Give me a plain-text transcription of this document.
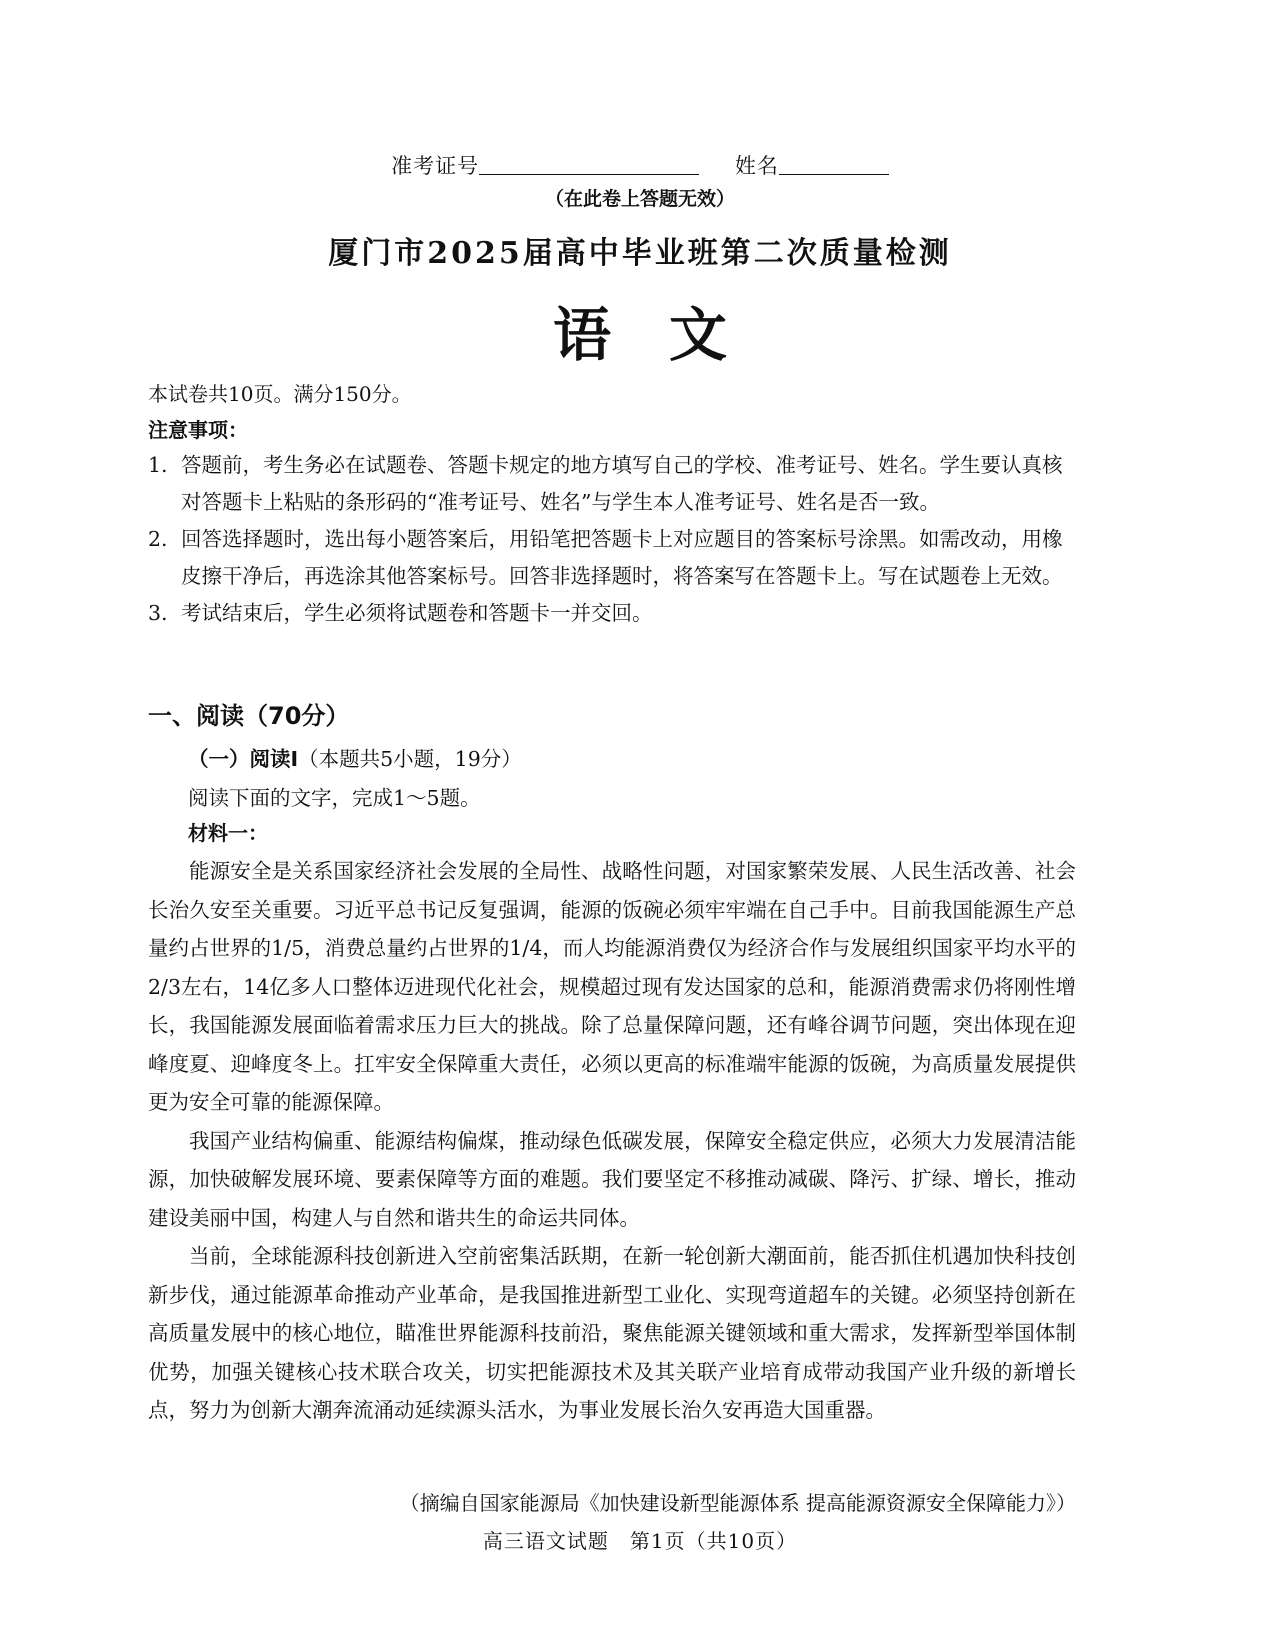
准考证号	姓名
（在此卷上答题无效）
厦门市2025届高中毕业班第二次质量检测
语文
本试卷共10页。满分150分。
注意事项：
1. 答题前，考生务必在试题卷、答题卡规定的地方填写自己的学校、准考证号、姓名。学生要认真核对答题卡上粘贴的条形码的“准考证号、姓名”与学生本人准考证号、姓名是否一致。
2. 回答选择题时，选出每小题答案后，用铅笔把答题卡上对应题目的答案标号涂黑。如需改动，用橡皮擦干净后，再选涂其他答案标号。回答非选择题时，将答案写在答题卡上。写在试题卷上无效。
3. 考试结束后，学生必须将试题卷和答题卡一并交回。
一、阅读（70分）
（一）阅读Ⅰ（本题共5小题，19分）
阅读下面的文字，完成1～5题。
材料一：

能源安全是关系国家经济社会发展的全局性、战略性问题，对国家繁荣发展、人民生活改善、社会长治久安至关重要。习近平总书记反复强调，能源的饭碗必须牢牢端在自己手中。目前我国能源生产总量约占世界的1/5，消费总量约占世界的1/4，而人均能源消费仅为经济合作与发展组织国家平均水平的2/3左右，14亿多人口整体迈进现代化社会，规模超过现有发达国家的总和，能源消费需求仍将刚性增长，我国能源发展面临着需求压力巨大的挑战。除了总量保障问题，还有峰谷调节问题，突出体现在迎峰度夏、迎峰度冬上。扛牢安全保障重大责任，必须以更高的标准端牢能源的饭碗，为高质量发展提供更为安全可靠的能源保障。

我国产业结构偏重、能源结构偏煤，推动绿色低碳发展，保障安全稳定供应，必须大力发展清洁能源，加快破解发展环境、要素保障等方面的难题。我们要坚定不移推动减碳、降污、扩绿、增长，推动建设美丽中国，构建人与自然和谐共生的命运共同体。

当前，全球能源科技创新进入空前密集活跃期，在新一轮创新大潮面前，能否抓住机遇加快科技创新步伐，通过能源革命推动产业革命，是我国推进新型工业化、实现弯道超车的关键。必须坚持创新在高质量发展中的核心地位，瞄准世界能源科技前沿，聚焦能源关键领域和重大需求，发挥新型举国体制优势，加强关键核心技术联合攻关，切实把能源技术及其关联产业培育成带动我国产业升级的新增长点，努力为创新大潮奔流涌动延续源头活水，为事业发展长治久安再造大国重器。

（摘编自国家能源局《加快建设新型能源体系 提高能源资源安全保障能力》）
高三语文试题　第1页（共10页）
